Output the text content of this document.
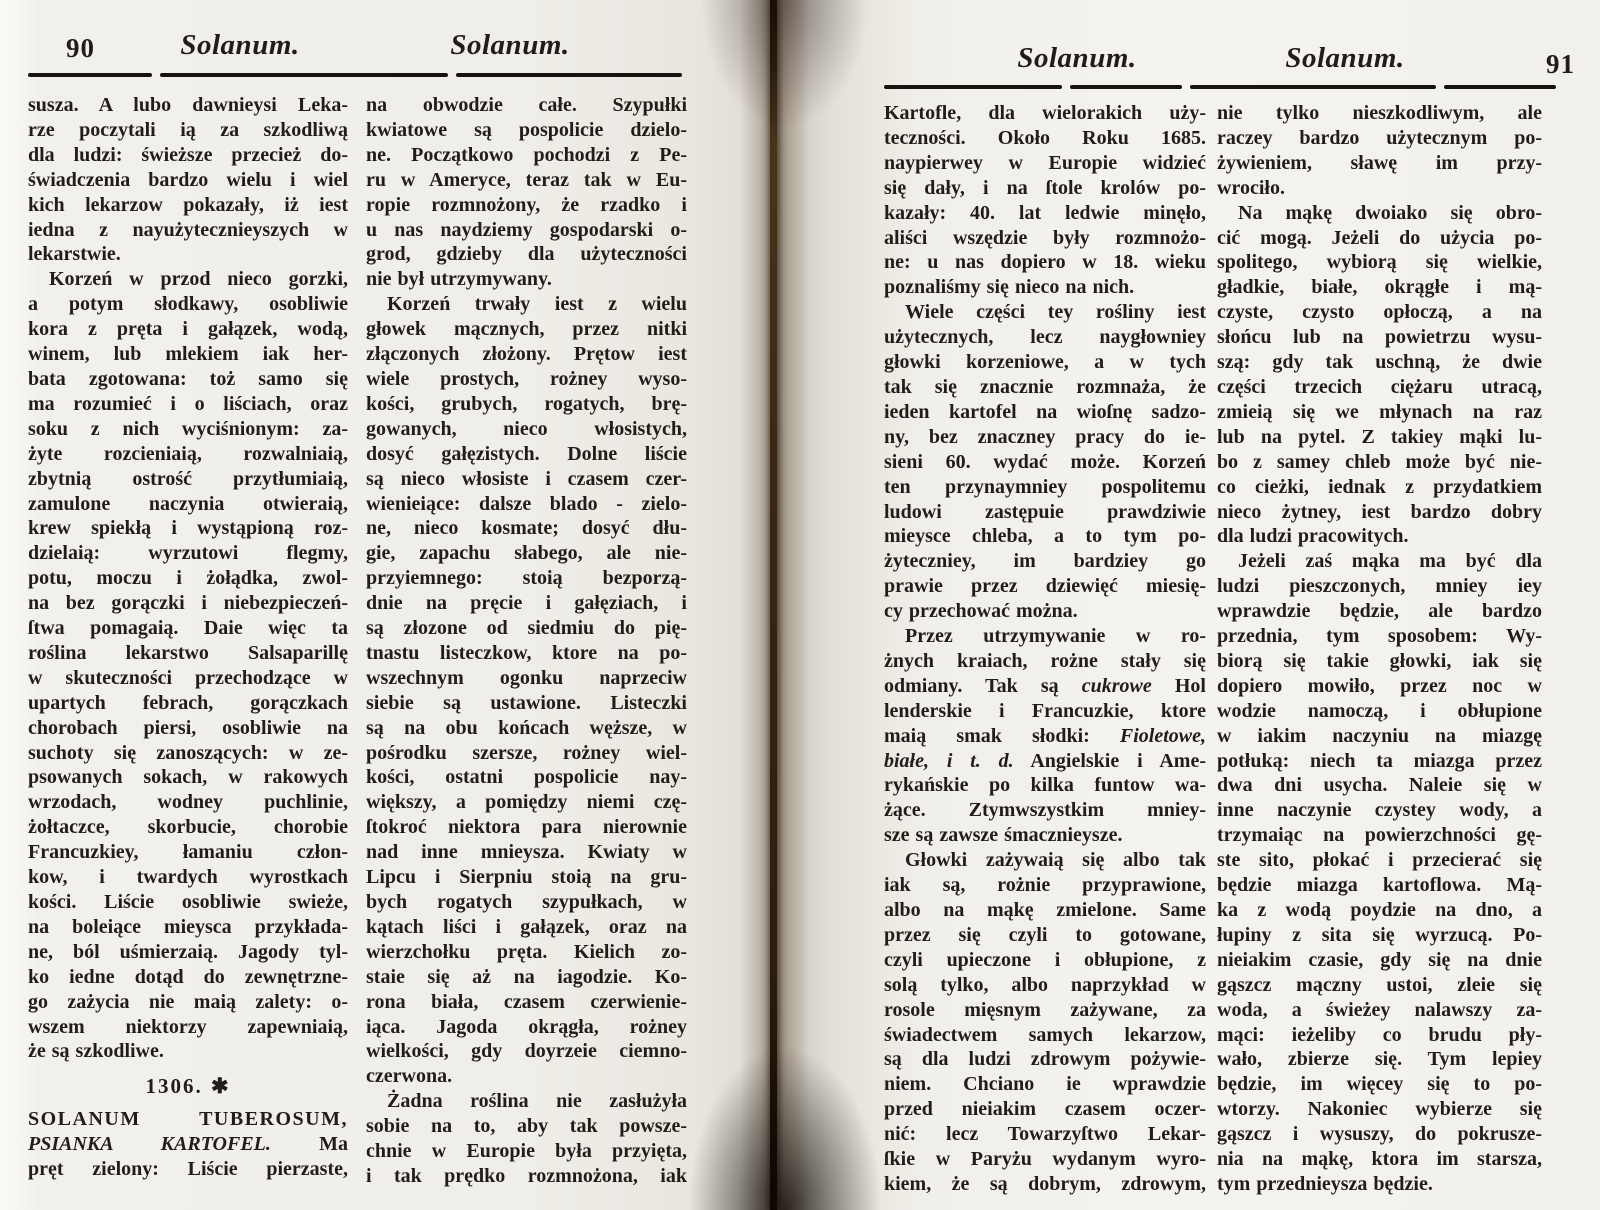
90	Solanum.	Solanum.
susza. A lubo dawnieysi Leka-
rze poczytali ią za szkodliwą
dla ludzi: świeższe przecież do-
świadczenia bardzo wielu i wiel
kich lekarzow pokazały, iż iest
iedna z nayużytecznieyszych w
lekarstwie.
Korzeń w przod nieco gorzki,
a potym słodkawy, osobliwie
kora z pręta i gałązek, wodą,
winem, lub mlekiem iak her-
bata zgotowana: toż samo się
ma rozumieć i o liściach, oraz
soku z nich wyciśnionym: za-
żyte rozcieniaią, rozwalniaią,
zbytnią ostrość przytłumiaią,
zamulone naczynia otwieraią,
krew spiekłą i wystąpioną roz-
dzielaią: wyrzutowi flegmy,
potu, moczu i żołądka, zwol-
na bez gorączki i niebezpieczeń-
ſtwa pomagaią. Daie więc ta
roślina lekarstwo Salsaparillę
w skuteczności przechodzące w
upartych febrach, gorączkach
chorobach piersi, osobliwie na
suchoty się zanoszących: w ze-
psowanych sokach, w rakowych
wrzodach, wodney puchlinie,
żołtaczce, skorbucie, chorobie
Francuzkiey, łamaniu człon-
kow, i twardych wyrostkach
kości. Liście osobliwie swieże,
na boleiące mieysca przykłada-
ne, ból uśmierzaią. Jagody tyl-
ko iedne dotąd do zewnętrzne-
go zażycia nie maią zalety: o-
wszem niektorzy zapewniaią,
że są szkodliwe.
1306. ✱
SOLANUM TUBEROSUM,
PSIANKA KARTOFEL. Ma
pręt zielony: Liście pierzaste,
na obwodzie całe. Szypułki
kwiatowe są pospolicie dzielo-
ne. Początkowo pochodzi z Pe-
ru w Ameryce, teraz tak w Eu-
ropie rozmnożony, że rzadko i
u nas naydziemy gospodarski o-
grod, gdzieby dla użyteczności
nie był utrzymywany.
Korzeń trwały iest z wielu
głowek mącznych, przez nitki
złączonych złożony. Prętow iest
wiele prostych, rożney wyso-
kości, grubych, rogatych, brę-
gowanych, nieco włosistych,
dosyć gałęzistych. Dolne liście
są nieco włosiste i czasem czer-
wienieiące: dalsze blado - zielo-
ne, nieco kosmate; dosyć dłu-
gie, zapachu słabego, ale nie-
przyiemnego: stoią bezporzą-
dnie na pręcie i gałęziach, i
są złozone od siedmiu do pię-
tnastu listeczkow, ktore na po-
wszechnym ogonku naprzeciw
siebie są ustawione. Listeczki
są na obu końcach węższe, w
pośrodku szersze, rożney wiel-
kości, ostatni pospolicie nay-
większy, a pomiędzy niemi czę-
ſtokroć niektora para nierownie
nad inne mnieysza. Kwiaty w
Lipcu i Sierpniu stoią na gru-
bych rogatych szypułkach, w
kątach liści i gałązek, oraz na
wierzchołku pręta. Kielich zo-
staie się aż na iagodzie. Ko-
rona biała, czasem czerwienie-
iąca. Jagoda okrągła, rożney
wielkości, gdy doyrzeie ciemno-
czerwona.
Żadna roślina nie zasłużyła
sobie na to, aby tak powsze-
chnie w Europie była przyięta,
i tak prędko rozmnożona, iak
91
Solanum.	Solanum.
Kartofle, dla wielorakich uży-
teczności. Około Roku 1685.
naypierwey w Europie widzieć
się dały, i na ſtole krolów po-
kazały: 40. lat ledwie minęło,
aliści wszędzie były rozmnożo-
ne: u nas dopiero w 18. wieku
poznaliśmy się nieco na nich.
Wiele części tey rośliny iest
użytecznych, lecz naygłowniey
głowki korzeniowe, a w tych
tak się znacznie rozmnaża, że
ieden kartofel na wioſnę sadzo-
ny, bez znaczney pracy do ie-
sieni 60. wydać może. Korzeń
ten przynaymniey pospolitemu
ludowi zastępuie prawdziwie
mieysce chleba, a to tym po-
żyteczniey, im bardziey go
prawie przez dziewięć miesię-
cy przechować można.
Przez utrzymywanie w ro-
żnych kraiach, rożne stały się
odmiany. Tak są cukrowe Hol
lenderskie i Francuzkie, ktore
maią smak słodki: Fioletowe,
białe, i t. d. Angielskie i Ame-
rykańskie po kilka funtow wa-
żące. Ztymwszystkim mniey-
sze są zawsze śmacznieysze.
Głowki zażywaią się albo tak
iak są, rożnie przyprawione,
albo na mąkę zmielone. Same
przez się czyli to gotowane,
czyli upieczone i obłupione, z
solą tylko, albo naprzykład w
rosole mięsnym zażywane, za
świadectwem samych lekarzow,
są dla ludzi zdrowym pożywie-
niem. Chciano ie wprawdzie
przed nieiakim czasem oczer-
nić: lecz Towarzyſtwo Lekar-
ſkie w Paryżu wydanym wyro-
kiem, że są dobrym, zdrowym,
nie tylko nieszkodliwym, ale
raczey bardzo użytecznym po-
żywieniem, sławę im przy-
wrociło.
Na mąkę dwoiako się obro-
cić mogą. Jeżeli do użycia po-
spolitego, wybiorą się wielkie,
gładkie, białe, okrągłe i mą-
czyste, czysto opłoczą, a na
słońcu lub na powietrzu wysu-
szą: gdy tak uschną, że dwie
części trzecich ciężaru utracą,
zmieią się we młynach na raz
lub na pytel. Z takiey mąki lu-
bo z samey chleb może być nie-
co cieżki, iednak z przydatkiem
nieco żytney, iest bardzo dobry
dla ludzi pracowitych.
Jeżeli zaś mąka ma być dla
ludzi pieszczonych, mniey iey
wprawdzie będzie, ale bardzo
przednia, tym sposobem: Wy-
biorą się takie głowki, iak się
dopiero mowiło, przez noc w
wodzie namoczą, i obłupione
w iakim naczyniu na miazgę
potłuką: niech ta miazga przez
dwa dni usycha. Naleie się w
inne naczynie czystey wody, a
trzymaiąc na powierzchności gę-
ste sito, płokać i przecierać się
będzie miazga kartoflowa. Mą-
ka z wodą poydzie na dno, a
łupiny z sita się wyrzucą. Po-
nieiakim czasie, gdy się na dnie
gąszcz mączny ustoi, zleie się
woda, a świeżey nalawszy za-
mąci: ieżeliby co brudu pły-
wało, zbierze się. Tym lepiey
będzie, im więcey się to po-
wtorzy. Nakoniec wybierze się
gąszcz i wysuszy, do pokrusze-
nia na mąkę, ktora im starsza,
tym przednieysza będzie.
